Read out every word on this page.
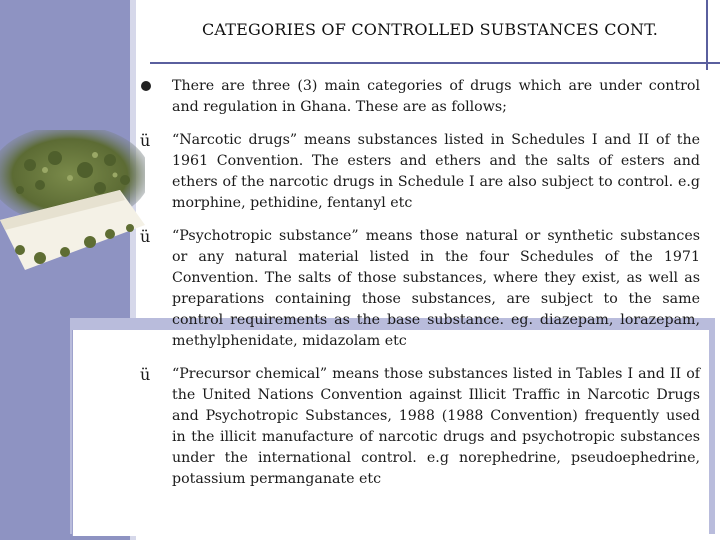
CATEGORIES OF CONTROLLED SUBSTANCES CONT.
There are three (3) main categories of drugs which are under control and regulation in Ghana. These are as follows;
ü “Narcotic drugs” means substances listed in Schedules I and II of the 1961 Convention. The esters and ethers and the salts of esters and ethers of the narcotic drugs in Schedule I are also subject to control. e.g morphine, pethidine, fentanyl etc
ü “Psychotropic substance” means those natural or synthetic substances or any natural material listed in the four Schedules of the 1971 Convention. The salts of those substances, where they exist, as well as preparations containing those substances, are subject to the same control requirements as the base substance. eg. diazepam, lorazepam, methylphenidate, midazolam etc
ü “Precursor chemical” means those substances listed in Tables I and II of the United Nations Convention against Illicit Traffic in Narcotic Drugs and Psychotropic Substances, 1988 (1988 Convention) frequently used in the illicit manufacture of narcotic drugs and psychotropic substances under the international control. e.g norephedrine, pseudoephedrine, potassium permanganate etc
